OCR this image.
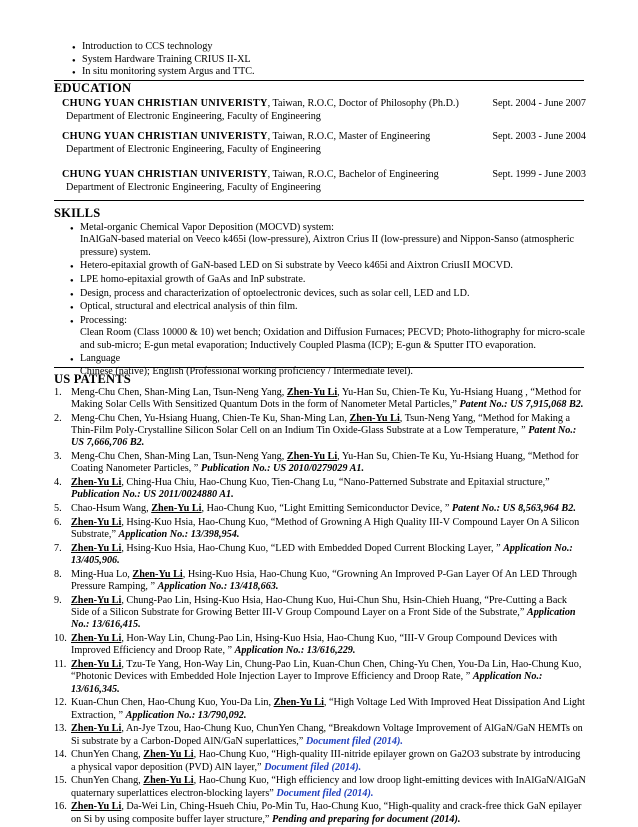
● Introduction to CCS technology
● System Hardware Training CRIUS II-XL
● In situ monitoring system Argus and TTC.
EDUCATION
CHUNG YUAN CHRISTIAN UNIVERISTY, Taiwan, R.O.C, Doctor of Philosophy (Ph.D.)	Sept. 2004 - June 2007
Department of Electronic Engineering, Faculty of Engineering
CHUNG YUAN CHRISTIAN UNIVERISTY, Taiwan, R.O.C, Master of Engineering	Sept. 2003 - June 2004
Department of Electronic Engineering, Faculty of Engineering
CHUNG YUAN CHRISTIAN UNIVERISTY, Taiwan, R.O.C, Bachelor of Engineering	Sept. 1999 - June 2003
Department of Electronic Engineering, Faculty of Engineering
SKILLS
● Metal-organic Chemical Vapor Deposition (MOCVD) system:
InAlGaN-based material on Veeco k465i (low-pressure), Aixtron Crius II (low-pressure) and Nippon-Sanso (atmospheric pressure) system.
● Hetero-epitaxial growth of GaN-based LED on Si substrate by Veeco k465i and Aixtron CriusII MOCVD.
● LPE homo-epitaxial growth of GaAs and InP substrate.
● Design, process and characterization of optoelectronic devices, such as solar cell, LED and LD.
● Optical, structural and electrical analysis of thin film.
● Processing:
Clean Room (Class 10000 & 10) wet bench; Oxidation and Diffusion Furnaces; PECVD; Photo-lithography for micro-scale and sub-micro; E-gun metal evaporation; Inductively Coupled Plasma (ICP); E-gun & Sputter ITO evaporation.
● Language
Chinese (native); English (Professional working proficiency / Intermediate level).
US PATENTS
1. Meng-Chu Chen, Shan-Ming Lan, Tsun-Neng Yang, Zhen-Yu Li, Yu-Han Su, Chien-Te Ku, Yu-Hsiang Huang , “Method for Making Solar Cells With Sensitized Quantum Dots in the form of Nanometer Metal Particles,” Patent No.: US 7,915,068 B2.
2. Meng-Chu Chen, Yu-Hsiang Huang, Chien-Te Ku, Shan-Ming Lan, Zhen-Yu Li, Tsun-Neng Yang, “Method for Making a Thin-Film Poly-Crystalline Silicon Solar Cell on an Indium Tin Oxide-Glass Substrate at a Low Temperature, ” Patent No.: US 7,666,706 B2.
3. Meng-Chu Chen, Shan-Ming Lan, Tsun-Neng Yang, Zhen-Yu Li, Yu-Han Su, Chien-Te Ku, Yu-Hsiang Huang, “Method for Coating Nanometer Particles, ” Publication No.: US 2010/0279029 A1.
4. Zhen-Yu Li, Ching-Hua Chiu, Hao-Chung Kuo, Tien-Chang Lu, “Nano-Patterned Substrate and Epitaxial structure,” Publication No.: US 2011/0024880 A1.
5. Chao-Hsum Wang, Zhen-Yu Li, Hao-Chung Kuo, “Light Emitting Semiconductor Device, ” Patent No.: US 8,563,964 B2.
6. Zhen-Yu Li, Hsing-Kuo Hsia, Hao-Chung Kuo, “Method of Growning A High Quality III-V Compound Layer On A Silicon Substrate,” Application No.: 13/398,954.
7. Zhen-Yu Li, Hsing-Kuo Hsia, Hao-Chung Kuo, “LED with Embedded Doped Current Blocking Layer, ” Application No.: 13/405,906.
8. Ming-Hua Lo, Zhen-Yu Li, Hsing-Kuo Hsia, Hao-Chung Kuo, “Growning An Improved P-Gan Layer Of An LED Through Pressure Ramping, ” Application No.: 13/418,663.
9. Zhen-Yu Li, Chung-Pao Lin, Hsing-Kuo Hsia, Hao-Chung Kuo, Hui-Chun Shu, Hsin-Chieh Huang, “Pre-Cutting a Back Side of a Silicon Substrate for Growing Better III-V Group Compound Layer on a Front Side of the Substrate,” Application No.: 13/616,415.
10. Zhen-Yu Li, Hon-Way Lin, Chung-Pao Lin, Hsing-Kuo Hsia, Hao-Chung Kuo, “III-V Group Compound Devices with Improved Efficiency and Droop Rate, ” Application No.: 13/616,229.
11. Zhen-Yu Li, Tzu-Te Yang, Hon-Way Lin, Chung-Pao Lin, Kuan-Chun Chen, Ching-Yu Chen, You-Da Lin, Hao-Chung Kuo, “Photonic Devices with Embedded Hole Injection Layer to Improve Efficiency and Droop Rate, ” Application No.: 13/616,345.
12. Kuan-Chun Chen, Hao-Chung Kuo, You-Da Lin, Zhen-Yu Li, “High Voltage Led With Improved Heat Dissipation And Light Extraction, ” Application No.: 13/790,092.
13. Zhen-Yu Li, An-Jye Tzou, Hao-Chung Kuo, ChunYen Chang, “Breakdown Voltage Improvement of AlGaN/GaN HEMTs on Si substrate by a Carbon-Doped AlN/GaN superlattices,” Document filed (2014).
14. ChunYen Chang, Zhen-Yu Li, Hao-Chung Kuo, “High-quality III-nitride epilayer grown on Ga2O3 substrate by introducing a physical vapor deposition (PVD) AlN layer,” Document filed (2014).
15. ChunYen Chang, Zhen-Yu Li, Hao-Chung Kuo, “High efficiency and low droop light-emitting devices with InAlGaN/AlGaN quaternary superlattices electron-blocking layers” Document filed (2014).
16. Zhen-Yu Li, Da-Wei Lin, Ching-Hsueh Chiu, Po-Min Tu, Hao-Chung Kuo, “High-quality and crack-free thick GaN epilayer on Si by using composite buffer layer structure,” Pending and preparing for document (2014).
